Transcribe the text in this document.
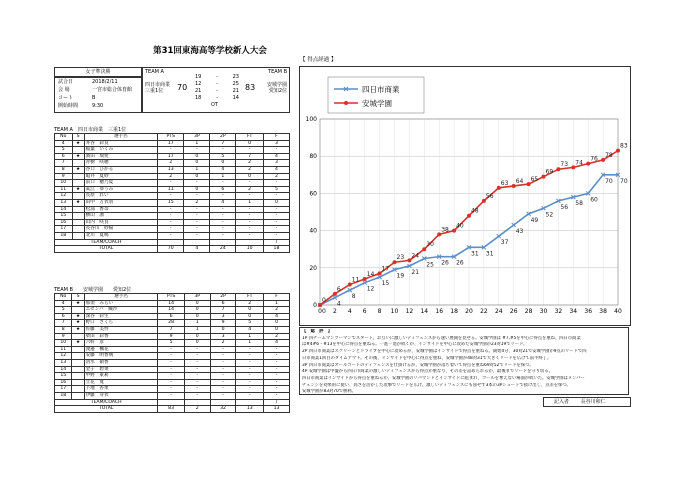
第31回東海高等学校新人大会
女子準決勝
試合日	2018/2/11
会 場	一宮市総合体育館
コート	B
開始時間	9:30
TEAM A	TEAM B
四日市商業
三重1位 70	83 安城学園
愛知2位
19	-	23
12	-	25
21	-	21
18	-	14
OT
TEAM A　四日市商業　三重1位
No	S	選手名	PTS	3P	2P	FT	F
4	★	井谷　彩良	17	1	7	0	3
5		稲葉　いくみ	-	-	-	-	-
6	★	濱田　瑞愛	17	0	5	7	4
7		青樹　咲穂	2	0	0	2	3
8	★	谷口　ひかる	13	1	4	2	4
9		亀井　夏紗	2	0	1	0	2
10		前口　穂乃夏	-	-	-	-	-
11	★	眞江　ゆうみ	11	0	6	2	5
12		長原　れい	-	-	-	-	-
13	★	田中　万衣羽	15	2	4	1	0
14		松浦　香奈	-	-	-	-	-
15		横山　凛	-	-	-	-	-
16		山内　咲良	-	-	-	-	-
17		長谷川　紗陽	-	-	-	-	-
18		北川　夏鳴	-	-	-	-	-
TEAM/COACH							/
TOTAL			70	4	24	10	18
TEAM B　　安城学園　　愛知2位
No	S	選手名	PTS	3P	2P	FT	F
4	★	那須　みらい	14	0	6	2	1
5		エゼンバ　織沙	14	0	7	0	2
6	★	深谷　彩生	6	0	3	0	4
7	★	野口　さくら	28	1	9	5	0
8	★	佐藤　美怜	7	1	0	4	0
9		柴田　彩香	9	0	3	1	2
10	★	六軒　彦	5	0	2	1	4
11		渡邉　楓花	-	-	-	-	-
12		安藤　明香璃	-	-	-	-	-
13		清水　碩香	-	-	-	-	-
14		金子　碧菜	-	-	-	-	-
15		中野　東莉	-	-	-	-	-
16		立花　寛	-	-	-	-	-
17		下地　杏果	-	-	-	-	-
18		伊藤　芽衣	-	-	-	-	-
TEAM/COACH							/
TOTAL			83	2	32	13	13
【 得点経過 】
0
20
40
60
80
100
0 2 4 6 8 10 12 14 16 18 20 22 24 26 28 30 32 34 36 38 40
0
4
8
12
15
19
21
25 26 26
31 31
37
43
49
52
56
58
60
70 70
0
6
11
14
17
23 24
30
38
40
48
56
63 64 65
69
73 74
76
78
83
四日市商業
安城学園
【　総　評　】
1P 四チームマンツーマンでスタート。お互いに激しいディフェンスから速い展開を見せる。安城学園は #7,#5を中心に得点を重ね、四日市商業
は#4#6・#13を中心に得点を重ねる。一進一退が続くが、インサイドを中心に攻めた安城学園が23対19でリード。
2P 四日市商業はスクリーンとドライブを中心に攻めるが、安城学園はインサイドで得点を重ねる。開始4分、30対21で安城学園が9点のリードで四
日市商業1回目のタイムアウト。その後、インサイドを中心に得点を重ね、安城学園が48対31で大きくリードを広げて前半終了。
3P 四日市商業はオールコートのディフェンスを仕掛けるが、安城学園が落ち着いて得点を重ね69対52でリードを保つ。
4P 安城学園は中盤から四日市商業の激しいディフェンスから得点が重なり、その差を詰められるが、最後までリードを守り切る。
四日市商業はインサイドから得点を重ねるが、安城学園のリバウンドとインサイドに阻まれ、ゴールを奪えない場面が続いた。安城学園はメンバー
チェンジを効果的に使い、高さを活かした攻撃でリードを広げ、激しいディフェンスにも屈せず3本の3Pシュートで抜け出し、点差を保つ。
安城学園が83対70で勝利。
記入者 長谷川和仁
